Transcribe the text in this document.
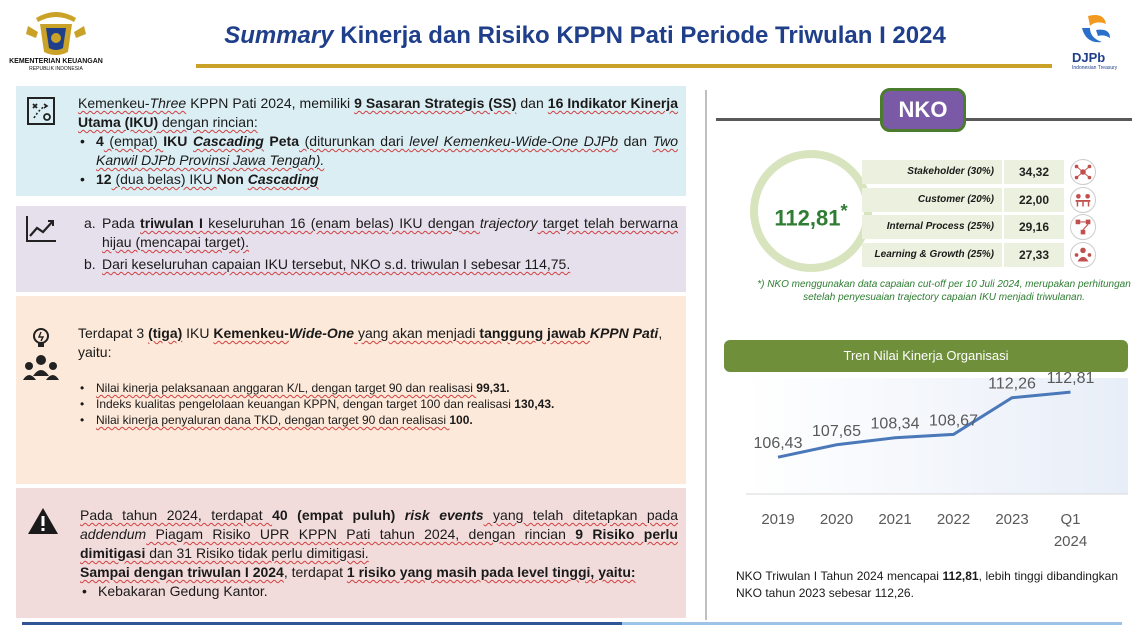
KEMENTERIAN KEUANGAN
REPUBLIK INDONESIA
Summary Kinerja dan Risiko KPPN Pati Periode Triwulan I 2024
DJPb
Indonesian Treasury

Kemenkeu-Three KPPN Pati 2024, memiliki 9 Sasaran Strategis (SS) dan 16 Indikator Kinerja Utama (IKU) dengan rincian:

• 4 (empat) IKU Cascading Peta (diturunkan dari level Kemenkeu-Wide-One DJPb dan Two Kanwil DJPb Provinsi Jawa Tengah).

• 12 (dua belas) IKU Non Cascading

a. Pada triwulan I keseluruhan 16 (enam belas) IKU dengan trajectory target telah berwarna hijau (mencapai target).

b. Dari keseluruhan capaian IKU tersebut, NKO s.d. triwulan I sebesar 114,75.

Terdapat 3 (tiga) IKU Kemenkeu-Wide-One yang akan menjadi tanggung jawab KPPN Pati, yaitu:

• Nilai kinerja pelaksanaan anggaran K/L, dengan target 90 dan realisasi 99,31.
• Indeks kualitas pengelolaan keuangan KPPN, dengan target 100 dan realisasi 130,43.
• Nilai kinerja penyaluran dana TKD, dengan target 90 dan realisasi 100.

Pada tahun 2024, terdapat 40 (empat puluh) risk events yang telah ditetapkan pada addendum Piagam Risiko UPR KPPN Pati tahun 2024, dengan rincian 9 Risiko perlu dimitigasi dan 31 Risiko tidak perlu dimitigasi.

Sampai dengan triwulan I 2024, terdapat 1 risiko yang masih pada level tinggi, yaitu:

• Kebakaran Gedung Kantor.

NKO
112,81*
Stakeholder (30%)	34,32
Customer (20%)	22,00
Internal Process (25%)	29,16
Learning & Growth (25%)	27,33
*) NKO menggunakan data capaian cut-off per 10 Juli 2024, merupakan perhitungan setelah penyesuaian trajectory capaian IKU menjadi triwulanan.
Tren Nilai Kinerja Organisasi
106,43
2019
107,65
2020
108,34
2021
108,67
2022
112,26
2023
112,81
Q1
2024
NKO Triwulan I Tahun 2024 mencapai 112,81, lebih tinggi dibandingkan NKO tahun 2023 sebesar 112,26.
